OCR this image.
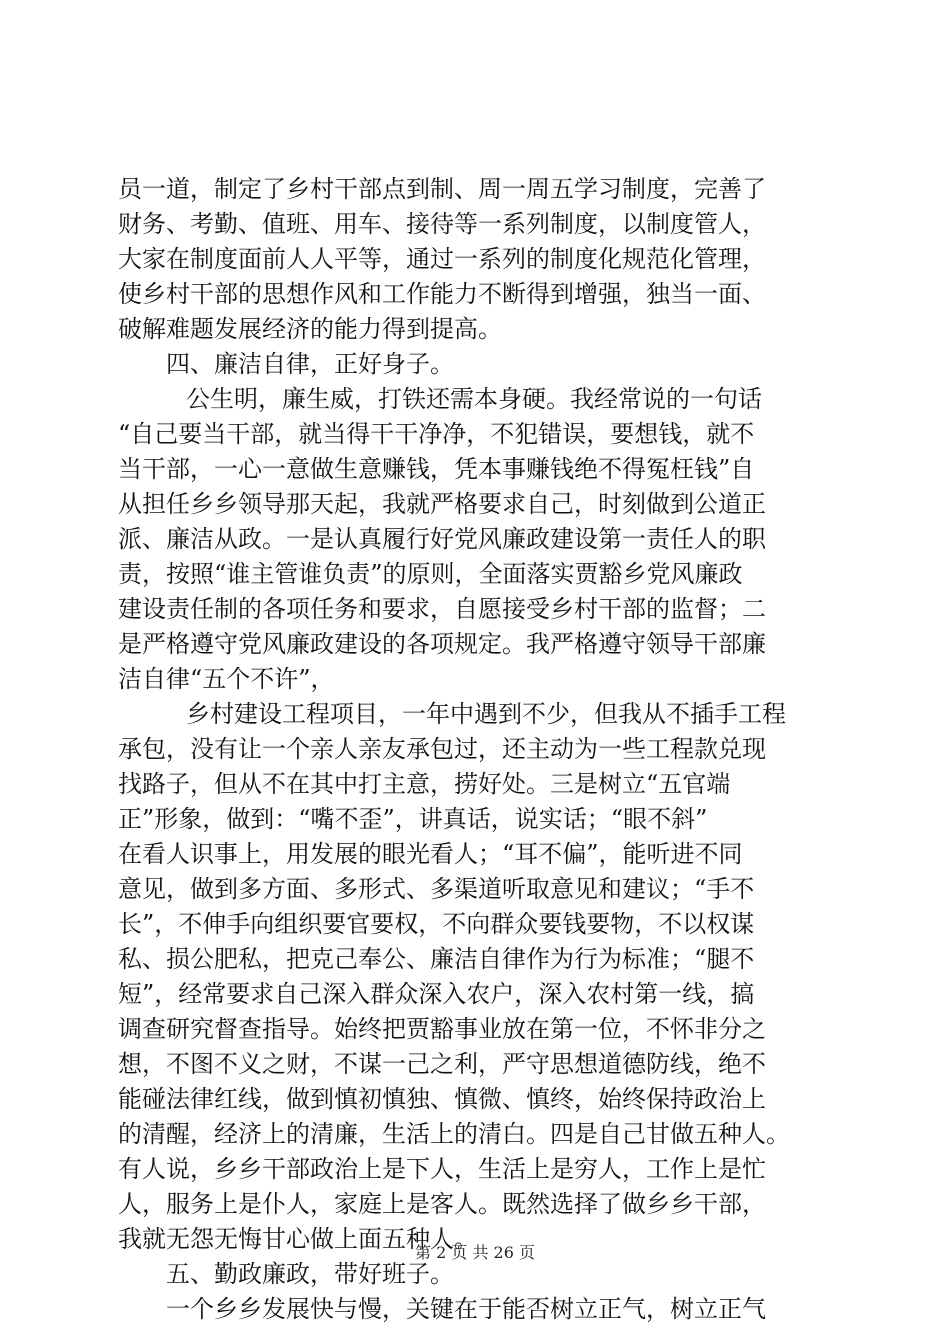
员一道，制定了乡村干部点到制、周一周五学习制度，完善了
财务、考勤、值班、用车、接待等一系列制度，以制度管人，
大家在制度面前人人平等，通过一系列的制度化规范化管理，
使乡村干部的思想作风和工作能力不断得到增强，独当一面、
破解难题发展经济的能力得到提高。
四、廉洁自律，正好身子。
公生明，廉生威，打铁还需本身硬。我经常说的一句话
“自己要当干部，就当得干干净净，不犯错误，要想钱，就不
当干部，一心一意做生意赚钱，凭本事赚钱绝不得冤枉钱”自
从担任乡乡领导那天起，我就严格要求自己，时刻做到公道正
派、廉洁从政。一是认真履行好党风廉政建设第一责任人的职
责，按照“谁主管谁负责”的原则，全面落实贾豁乡党风廉政
建设责任制的各项任务和要求，自愿接受乡村干部的监督；二
是严格遵守党风廉政建设的各项规定。我严格遵守领导干部廉
洁自律“五个不许”，
乡村建设工程项目，一年中遇到不少，但我从不插手工程
承包，没有让一个亲人亲友承包过，还主动为一些工程款兑现
找路子，但从不在其中打主意，捞好处。三是树立“五官端
正”形象，做到：“嘴不歪”，讲真话，说实话；“眼不斜”
在看人识事上，用发展的眼光看人；“耳不偏”，能听进不同
意见，做到多方面、多形式、多渠道听取意见和建议；“手不
长”，不伸手向组织要官要权，不向群众要钱要物，不以权谋
私、损公肥私，把克己奉公、廉洁自律作为行为标准；“腿不
短”，经常要求自己深入群众深入农户，深入农村第一线，搞
调查研究督查指导。始终把贾豁事业放在第一位，不怀非分之
想，不图不义之财，不谋一己之利，严守思想道德防线，绝不
能碰法律红线，做到慎初慎独、慎微、慎终，始终保持政治上
的清醒，经济上的清廉，生活上的清白。四是自己甘做五种人。
有人说，乡乡干部政治上是下人，生活上是穷人，工作上是忙
人，服务上是仆人，家庭上是客人。既然选择了做乡乡干部，
我就无怨无悔甘心做上面五种人。
五、勤政廉政，带好班子。
一个乡乡发展快与慢，关键在于能否树立正气，树立正气
第 2 页 共 26 页
